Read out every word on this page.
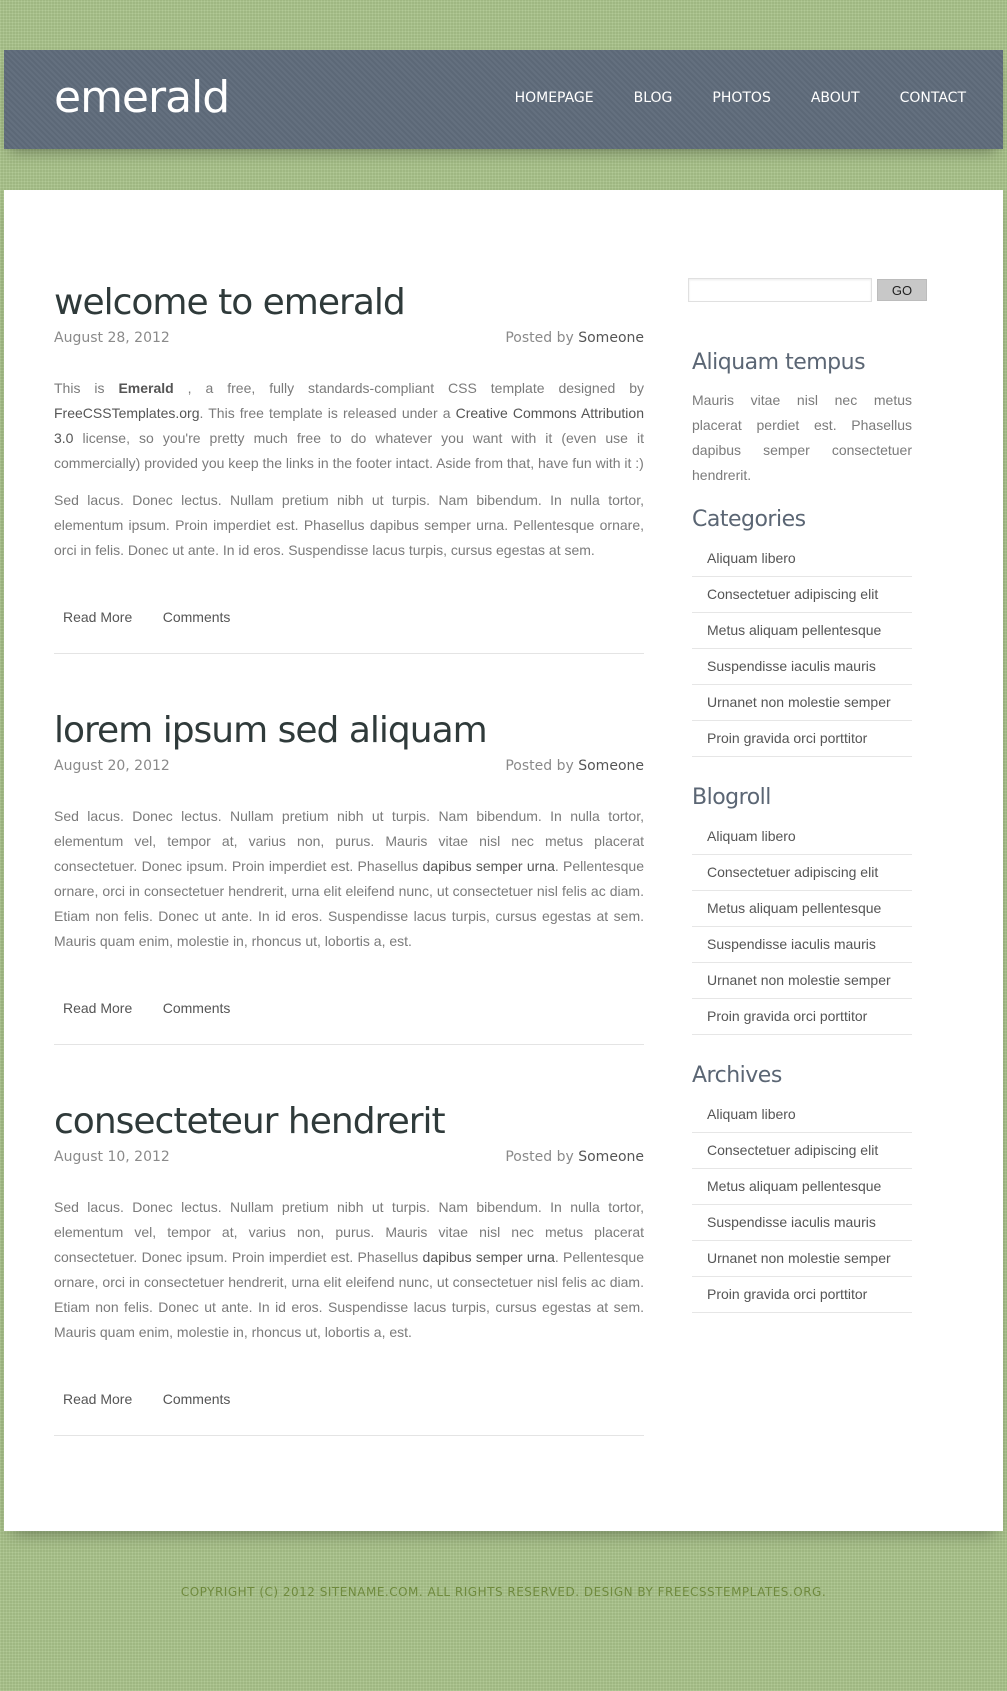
emerald	HOMEPAGE	BLOG	PHOTOS	ABOUT	CONTACT
welcome to emerald
August 28, 2012	Posted by Someone

This is Emerald , a free, fully standards-compliant CSS template designed by FreeCSSTemplates.org. This free template is released under a Creative Commons Attribution 3.0 license, so you're pretty much free to do whatever you want with it (even use it commercially) provided you keep the links in the footer intact. Aside from that, have fun with it :)

Sed lacus. Donec lectus. Nullam pretium nibh ut turpis. Nam bibendum. In nulla tortor, elementum ipsum. Proin imperdiet est. Phasellus dapibus semper urna. Pellentesque ornare, orci in felis. Donec ut ante. In id eros. Suspendisse lacus turpis, cursus egestas at sem.

Read More Comments
lorem ipsum sed aliquam
August 20, 2012	Posted by Someone

Sed lacus. Donec lectus. Nullam pretium nibh ut turpis. Nam bibendum. In nulla tortor, elementum vel, tempor at, varius non, purus. Mauris vitae nisl nec metus placerat consectetuer. Donec ipsum. Proin imperdiet est. Phasellus dapibus semper urna. Pellentesque ornare, orci in consectetuer hendrerit, urna elit eleifend nunc, ut consectetuer nisl felis ac diam. Etiam non felis. Donec ut ante. In id eros. Suspendisse lacus turpis, cursus egestas at sem. Mauris quam enim, molestie in, rhoncus ut, lobortis a, est.

Read More Comments
consecteteur hendrerit
August 10, 2012	Posted by Someone

Sed lacus. Donec lectus. Nullam pretium nibh ut turpis. Nam bibendum. In nulla tortor, elementum vel, tempor at, varius non, purus. Mauris vitae nisl nec metus placerat consectetuer. Donec ipsum. Proin imperdiet est. Phasellus dapibus semper urna. Pellentesque ornare, orci in consectetuer hendrerit, urna elit eleifend nunc, ut consectetuer nisl felis ac diam. Etiam non felis. Donec ut ante. In id eros. Suspendisse lacus turpis, cursus egestas at sem. Mauris quam enim, molestie in, rhoncus ut, lobortis a, est.

Read More Comments
GO
Aliquam tempus

Mauris vitae nisl nec metus placerat perdiet est. Phasellus dapibus semper consectetuer hendrerit.

Categories
Aliquam libero
Consectetuer adipiscing elit
Metus aliquam pellentesque
Suspendisse iaculis mauris
Urnanet non molestie semper
Proin gravida orci porttitor
Blogroll
Aliquam libero
Consectetuer adipiscing elit
Metus aliquam pellentesque
Suspendisse iaculis mauris
Urnanet non molestie semper
Proin gravida orci porttitor
Archives
Aliquam libero
Consectetuer adipiscing elit
Metus aliquam pellentesque
Suspendisse iaculis mauris
Urnanet non molestie semper
Proin gravida orci porttitor
COPYRIGHT (C) 2012 SITENAME.COM. ALL RIGHTS RESERVED. DESIGN BY FREECSSTEMPLATES.ORG.
